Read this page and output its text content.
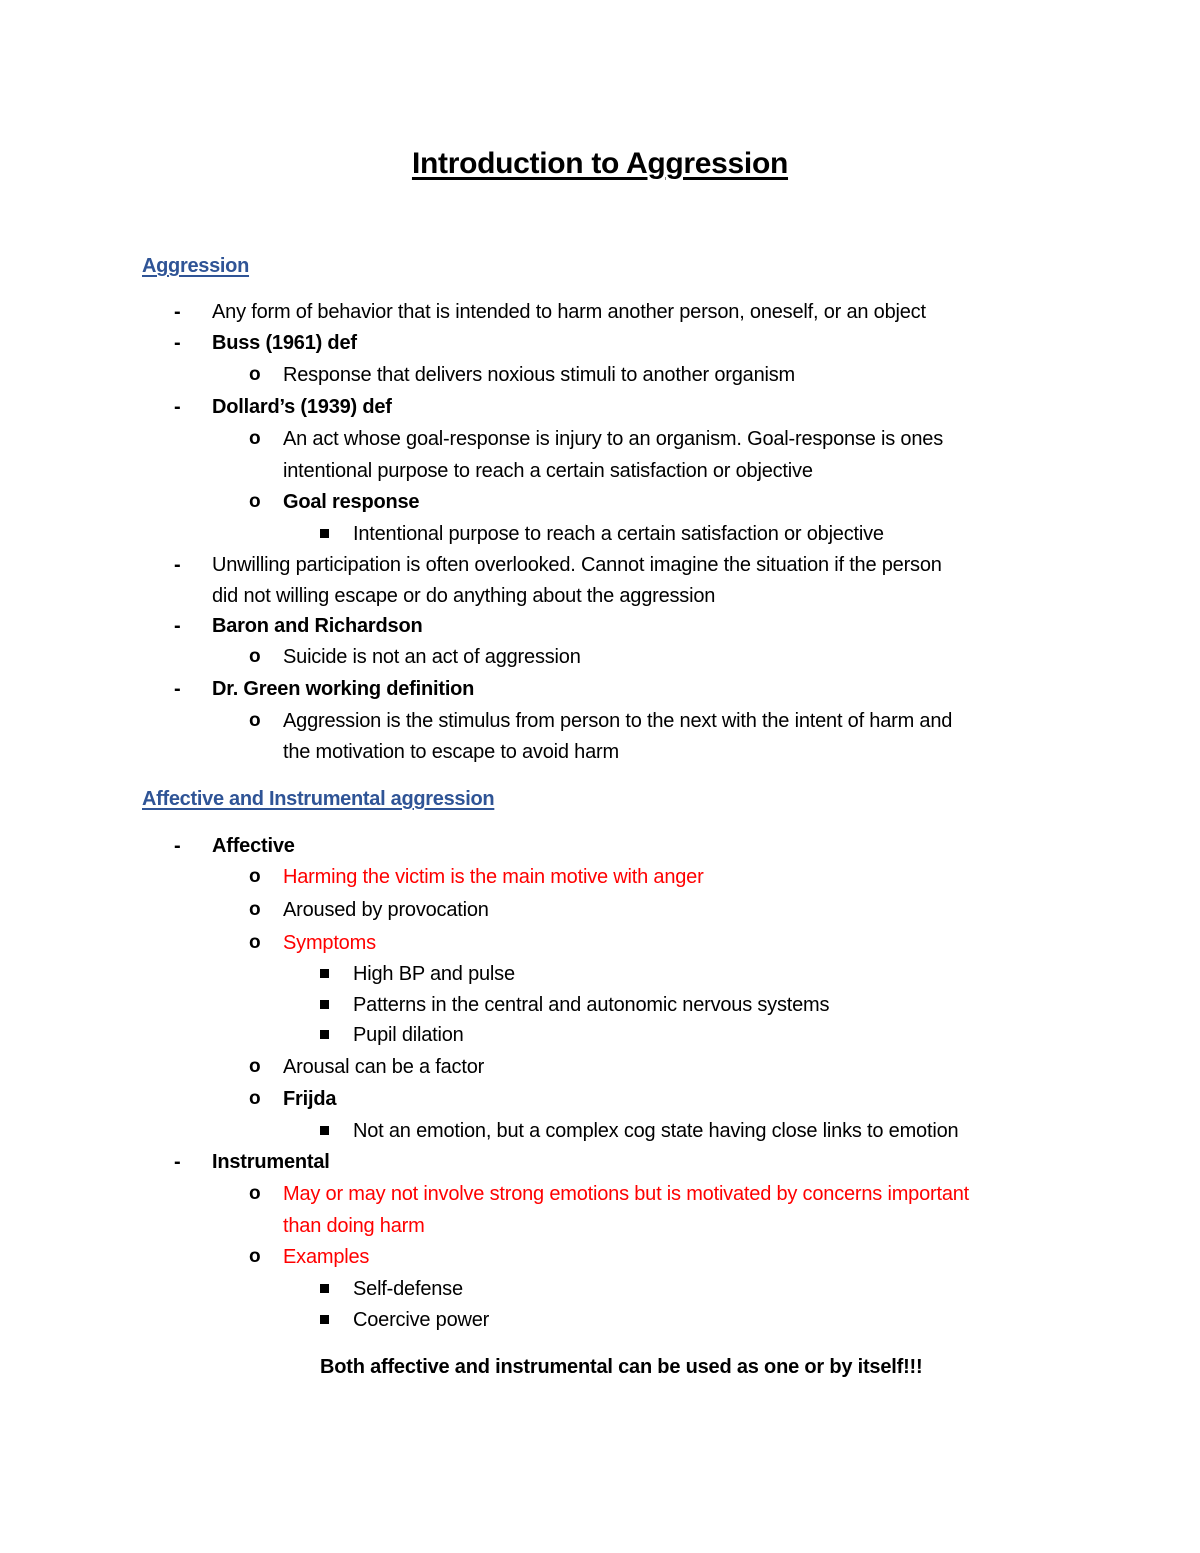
Introduction to Aggression
Aggression
- Any form of behavior that is intended to harm another person, oneself, or an object
- Buss (1961) def
o Response that delivers noxious stimuli to another organism
- Dollard’s (1939) def
o An act whose goal-response is injury to an organism. Goal-response is ones
intentional purpose to reach a certain satisfaction or objective
o Goal response
Intentional purpose to reach a certain satisfaction or objective
- Unwilling participation is often overlooked. Cannot imagine the situation if the person
did not willing escape or do anything about the aggression
- Baron and Richardson
o Suicide is not an act of aggression
- Dr. Green working definition
o Aggression is the stimulus from person to the next with the intent of harm and
the motivation to escape to avoid harm
Affective and Instrumental aggression
- Affective
o Harming the victim is the main motive with anger
o Aroused by provocation
o Symptoms
High BP and pulse
Patterns in the central and autonomic nervous systems
Pupil dilation
o Arousal can be a factor
o Frijda
Not an emotion, but a complex cog state having close links to emotion
- Instrumental
o May or may not involve strong emotions but is motivated by concerns important
than doing harm
o Examples
Self-defense
Coercive power
Both affective and instrumental can be used as one or by itself!!!
